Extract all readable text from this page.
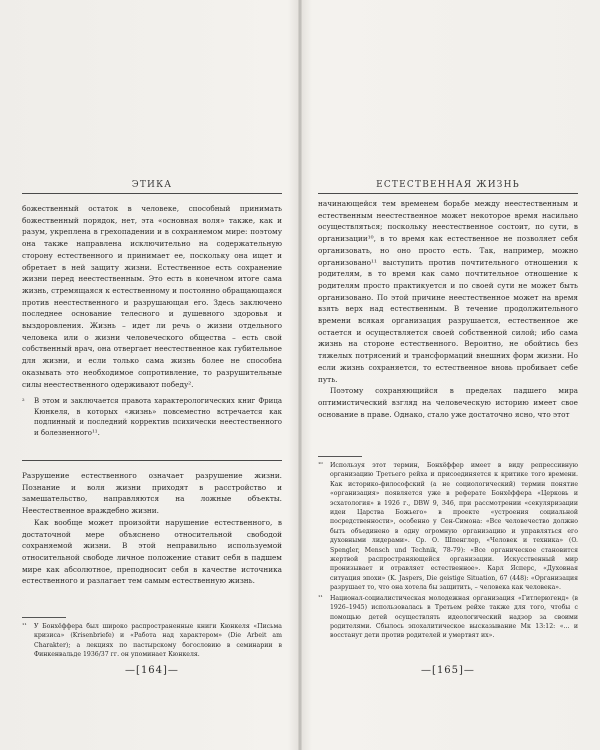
ЭТИКА

божественный остаток в человеке, способный принимать божественный порядок, нет, эта «основная воля» также, как и разум, укреплена в грехопадении и в сохраняемом мире: поэтому она также направлена исключительно на содержательную сторону естественного и принимает ее, поскольку она ищет и обретает в ней защиту жизни. Естественное есть сохранение жизни перед неестественным. Это есть в конечном итоге сама жизнь, стремящаяся к естественному и постоянно обращающаяся против неестественного и разрушающая его. Здесь заключено последнее основание телесного и душевного здоровья и выздоровления. Жизнь – идет ли речь о жизни отдельного человека или о жизни человеческого общества – есть свой собственный врач, она отвергает неестественное как губительное для жизни, и если только сама жизнь более не способна оказывать это необходимое сопротивление, то разрушительные силы неестественного одерживают победу².

² В этом и заключается правота характерологических книг Фрица Кюнкеля, в которых «жизнь» повсеместно встречается как подлинный и последний корректив психически неестественного и болезненного¹¹.

Разрушение естественного означает разрушение жизни. Познание и воля жизни приходят в расстройство и замешательство, направляются на ложные объекты. Неестественное враждебно жизни.

Как вообще может произойти нарушение естественного, в достаточной мере объяснено относительной свободой сохраняемой жизни. В этой неправильно используемой относительной свободе личное положение ставит себя в падшем мире как абсолютное, преподносит себя в качестве источника естественного и разлагает тем самым естественную жизнь.

¹¹ У Бонхёффера был широко распространенные книги Кюнкеля «Письма кризиса» (Krisenbriefe) и «Работа над характером» (Die Arbeit am Charakter); а лекциях по пастырскому богословию в семинарии в Финкенвальде 1936/37 гг. он упоминает Кюнкеля.
—[164]—
ЕСТЕСТВЕННАЯ ЖИЗНЬ

начинающейся тем временем борьбе между неестественным и естественным неестественное может некоторое время насильно осуществляться; поскольку неестественное состоит, по сути, в организации¹⁰, в то время как естественное не позволяет себя организовать, но оно просто есть. Так, например, можно организовано¹¹ выступить против почтительного отношения к родителям, в то время как само почтительное отношение к родителям просто практикуется и по своей сути не может быть организовано. По этой причине неестественное может на время взять верх над естественным. В течение продолжительного времени всякая организация разрушается, естественное же остается и осуществляется своей собственной силой; ибо сама жизнь на стороне естественного. Вероятно, не обойтись без тяжелых потрясений и трансформаций внешних форм жизни. Но если жизнь сохраняется, то естественное вновь пробивает себе путь.

Поэтому сохраняющийся в пределах падшего мира оптимистический взгляд на человеческую историю имеет свое основание в праве. Однако, стало уже достаточно ясно, что этот

¹⁰ Используя этот термин, Бонхёффер имеет в виду репрессивную организацию Третьего рейха и присоединяется к критике того времени. Как историко-философский (а не социологический) термин понятие «организация» появляется уже в реферате Бонхёффера «Церковь и эсхатология» в 1926 г., DBW 9, 346, при рассмотрении «секуляризации идеи Царства Божьего» в проекте «устроения социальной посредственности», особенно у Сен-Симона: «Все человечество должно быть объединено в одну огромную организацию и управляться его духовными лидерами». Ср. О. Шпенглер, «Человек и техника» (O. Spengler, Mensch und Technik, 78-79): «Все органическое становится жертвой распространяющейся организации. Искусственный мир пронизывает и отравляет естественное». Карл Ясперс, «Духовная ситуация эпохи» (K. Jaspers, Die geistige Situation, 67 (448): «Организация разрушает то, что она хотела бы защитить, – человека как человека».
¹¹ Национал-социалистическая молодежная организация «Гитлерюгенд» (в 1926–1945) использовалась в Третьем рейхе также для того, чтобы с помощью детей осуществлять идеологический надзор за своими родителями. Сбылось эпохалитическое высказывание Мк 13:12: «... и восстанут дети против родителей и умертвят их».
—[165]—
